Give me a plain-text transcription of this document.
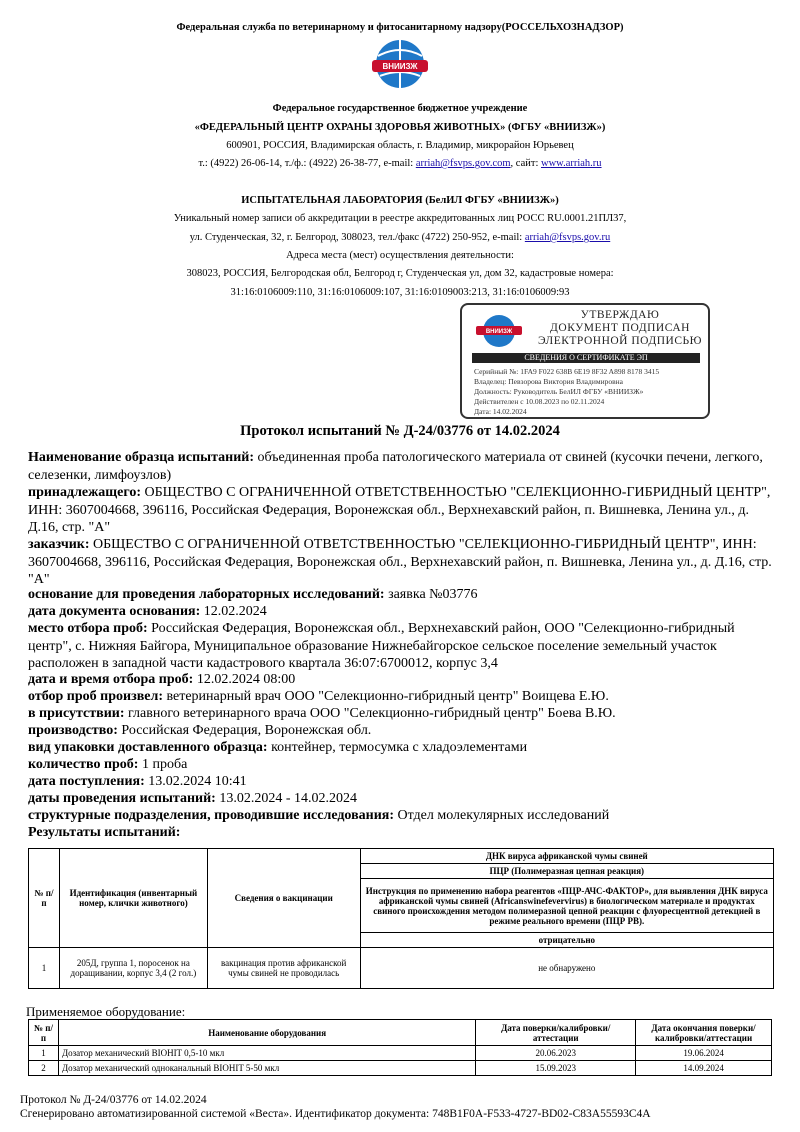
Федеральная служба по ветеринарному и фитосанитарному надзору(РОССЕЛЬХОЗНАДЗОР)
ВНИИЗЖ
Федеральное государственное бюджетное учреждение
«ФЕДЕРАЛЬНЫЙ ЦЕНТР ОХРАНЫ ЗДОРОВЬЯ ЖИВОТНЫХ» (ФГБУ «ВНИИЗЖ»)
600901, РОССИЯ, Владимирская область, г. Владимир, микрорайон Юрьевец
т.: (4922) 26-06-14, т./ф.: (4922) 26-38-77, e-mail: arriah@fsvps.gov.com, сайт: www.arriah.ru
ИСПЫТАТЕЛЬНАЯ ЛАБОРАТОРИЯ (БелИЛ ФГБУ «ВНИИЗЖ»)
Уникальный номер записи об аккредитации в реестре аккредитованных лиц РОСС RU.0001.21ПЛ37,
ул. Студенческая, 32, г. Белгород, 308023, тел./факс (4722) 250-952, e-mail: arriah@fsvps.gov.ru
Адреса места (мест) осуществления деятельности:
308023, РОССИЯ, Белгородская обл, Белгород г, Студенческая ул, дом 32, кадастровые номера:
31:16:0106009:110, 31:16:0106009:107, 31:16:0109003:213, 31:16:0106009:93
ВНИИЗЖ
УТВЕРЖДАЮ
ДОКУМЕНТ ПОДПИСАН
ЭЛЕКТРОННОЙ ПОДПИСЬЮ
СВЕДЕНИЯ О СЕРТИФИКАТЕ ЭП
Серийный №: 1FA9 F022 638B 6E19 8F32 A898 8178 3415
Владелец: Певзорова Виктория Владимировна
Должность: Руководитель БелИЛ ФГБУ «ВНИИЗЖ»
Действителен с 10.08.2023 по 02.11.2024
Дата: 14.02.2024
Протокол испытаний № Д-24/03776 от 14.02.2024
Наименование образца испытаний: объединенная проба патологического материала от свиней (кусочки печени, легкого, селезенки, лимфоузлов)
принадлежащего: ОБЩЕСТВО С ОГРАНИЧЕННОЙ ОТВЕТСТВЕННОСТЬЮ "СЕЛЕКЦИОННО-ГИБРИДНЫЙ ЦЕНТР", ИНН: 3607004668, 396116, Российская Федерация, Воронежская обл., Верхнехавский район, п. Вишневка, Ленина ул., д. Д.16, стр. "А"
заказчик: ОБЩЕСТВО С ОГРАНИЧЕННОЙ ОТВЕТСТВЕННОСТЬЮ "СЕЛЕКЦИОННО-ГИБРИДНЫЙ ЦЕНТР", ИНН: 3607004668, 396116, Российская Федерация, Воронежская обл., Верхнехавский район, п. Вишневка, Ленина ул., д. Д.16, стр. "А"
основание для проведения лабораторных исследований: заявка №03776
дата документа основания: 12.02.2024
место отбора проб: Российская Федерация, Воронежская обл., Верхнехавский район, ООО "Селекционно-гибридный центр", с. Нижняя Байгора, Муниципальное образование Нижнебайгорское сельское поселение земельный участок расположен в западной части кадастрового квартала 36:07:6700012, корпус 3,4
дата и время отбора проб: 12.02.2024 08:00
отбор проб произвел: ветеринарный врач ООО "Селекционно-гибридный центр" Воищева Е.Ю.
в присутствии: главного ветеринарного врача ООО "Селекционно-гибридный центр" Боева В.Ю.
производство: Российская Федерация, Воронежская обл.
вид упаковки доставленного образца: контейнер, термосумка с хладоэлементами
количество проб: 1 проба
дата поступления: 13.02.2024 10:41
даты проведения испытаний: 13.02.2024 - 14.02.2024
структурные подразделения, проводившие исследования: Отдел молекулярных исследований
Результаты испытаний:
№ п/п	Идентификация (инвентарный номер, клички животного)	Сведения о вакцинации	ДНК вируса африканской чумы свиней
			ПЦР (Полимеразная цепная реакция)
			Инструкция по применению набора реагентов «ПЦР-АЧС-ФАКТОР», для выявления ДНК вируса африканской чумы свиней (Africanswinefevervirus) в биологическом материале и продуктах свиного происхождения методом полимеразной цепной реакции с флуоресцентной детекцией в режиме реального времени (ПЦР РВ).
			отрицательно
1	205Д, группа 1, поросенок на доращивании, корпус 3,4 (2 гол.)	вакцинация против африканской чумы свиней не проводилась	не обнаружено
Применяемое оборудование:
№ п/п	Наименование оборудования	Дата поверки/калибровки/аттестации	Дата окончания поверки/калибровки/аттестации
1	Дозатор механический BIOHIT 0,5-10 мкл	20.06.2023	19.06.2024
2	Дозатор механический одноканальный BIOHIT 5-50 мкл	15.09.2023	14.09.2024
Протокол № Д-24/03776 от 14.02.2024
Сгенерировано автоматизированной системой «Веста». Идентификатор документа: 748B1F0A-F533-4727-BD02-C83A55593C4A
